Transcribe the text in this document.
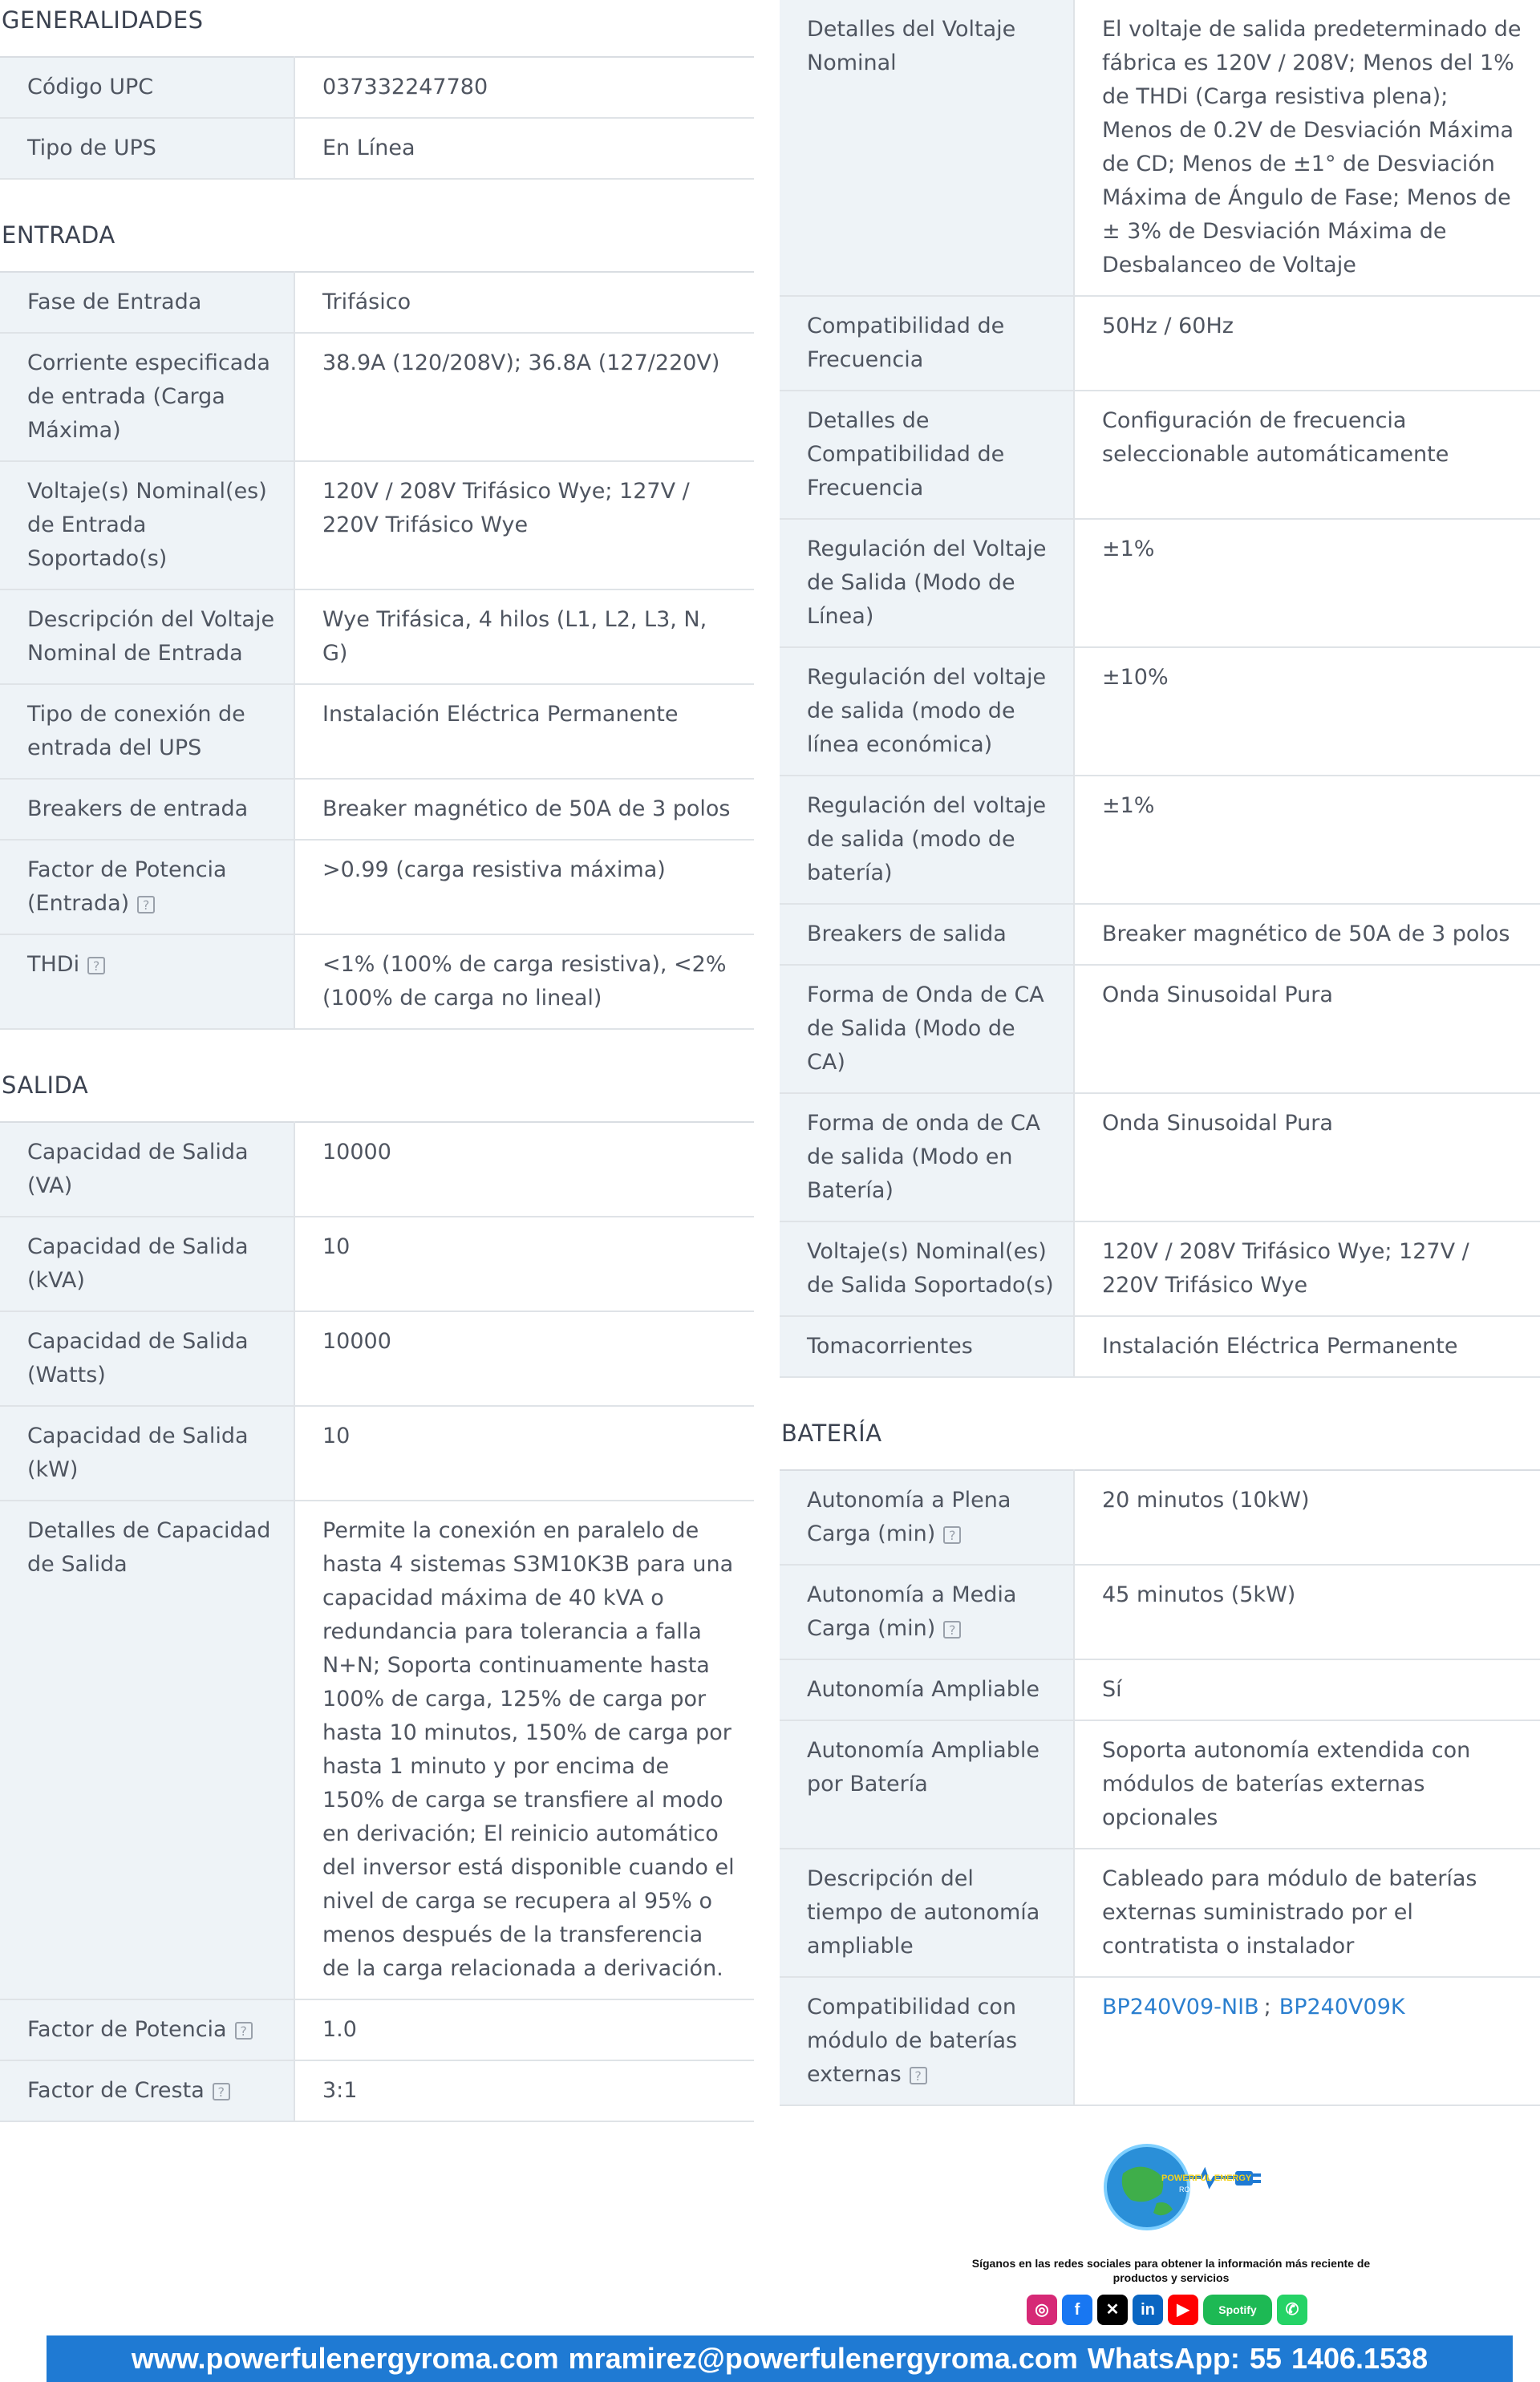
GENERALIDADES
Código UPC	037332247780
Tipo de UPS	En Línea
ENTRADA
Fase de Entrada	Trifásico
Corriente especificada de entrada (Carga Máxima)	38.9A (120/208V); 36.8A (127/220V)
Voltaje(s) Nominal(es) de Entrada Soportado(s)	120V / 208V Trifásico Wye; 127V / 220V Trifásico Wye
Descripción del Voltaje Nominal de Entrada	Wye Trifásica, 4 hilos (L1, L2, L3, N, G)
Tipo de conexión de entrada del UPS	Instalación Eléctrica Permanente
Breakers de entrada	Breaker magnético de 50A de 3 polos
Factor de Potencia (Entrada) ?	>0.99 (carga resistiva máxima)
THDi ?	<1% (100% de carga resistiva), <2% (100% de carga no lineal)
SALIDA
Capacidad de Salida (VA)	10000
Capacidad de Salida (kVA)	10
Capacidad de Salida (Watts)	10000
Capacidad de Salida (kW)	10
Detalles de Capacidad de Salida	Permite la conexión en paralelo de hasta 4 sistemas S3M10K3B para una capacidad máxima de 40 kVA o redundancia para tolerancia a falla N+N; Soporta continuamente hasta 100% de carga, 125% de carga por hasta 10 minutos, 150% de carga por hasta 1 minuto y por encima de 150% de carga se transfiere al modo en derivación; El reinicio automático del inversor está disponible cuando el nivel de carga se recupera al 95% o menos después de la transferencia de la carga relacionada a derivación.
Factor de Potencia ?	1.0
Factor de Cresta ?	3:1
Detalles del Voltaje Nominal	El voltaje de salida predeterminado de fábrica es 120V / 208V; Menos del 1% de THDi (Carga resistiva plena); Menos de 0.2V de Desviación Máxima de CD; Menos de ±1° de Desviación Máxima de Ángulo de Fase; Menos de ± 3% de Desviación Máxima de Desbalanceo de Voltaje
Compatibilidad de Frecuencia	50Hz / 60Hz
Detalles de Compatibilidad de Frecuencia	Configuración de frecuencia seleccionable automáticamente
Regulación del Voltaje de Salida (Modo de Línea)	±1%
Regulación del voltaje de salida (modo de línea económica)	±10%
Regulación del voltaje de salida (modo de batería)	±1%
Breakers de salida	Breaker magnético de 50A de 3 polos
Forma de Onda de CA de Salida (Modo de CA)	Onda Sinusoidal Pura
Forma de onda de CA de salida (Modo en Batería)	Onda Sinusoidal Pura
Voltaje(s) Nominal(es) de Salida Soportado(s)	120V / 208V Trifásico Wye; 127V / 220V Trifásico Wye
Tomacorrientes	Instalación Eléctrica Permanente
BATERÍA
Autonomía a Plena Carga (min) ?	20 minutos (10kW)
Autonomía a Media Carga (min) ?	45 minutos (5kW)
Autonomía Ampliable	Sí
Autonomía Ampliable por Batería	Soporta autonomía extendida con módulos de baterías externas opcionales
Descripción del tiempo de autonomía ampliable	Cableado para módulo de baterías externas suministrado por el contratista o instalador
Compatibilidad con módulo de baterías externas ?	BP240V09-NIB ; BP240V09K
POWERFUL ENERGY
ROMA
Síganos en las redes sociales para obtener la información más reciente de productos y servicios
◎	f	✕	in	▶	Spotify	✆
www.powerfulenergyroma.com mramirez@powerfulenergyroma.com WhatsApp: 55 1406.1538
